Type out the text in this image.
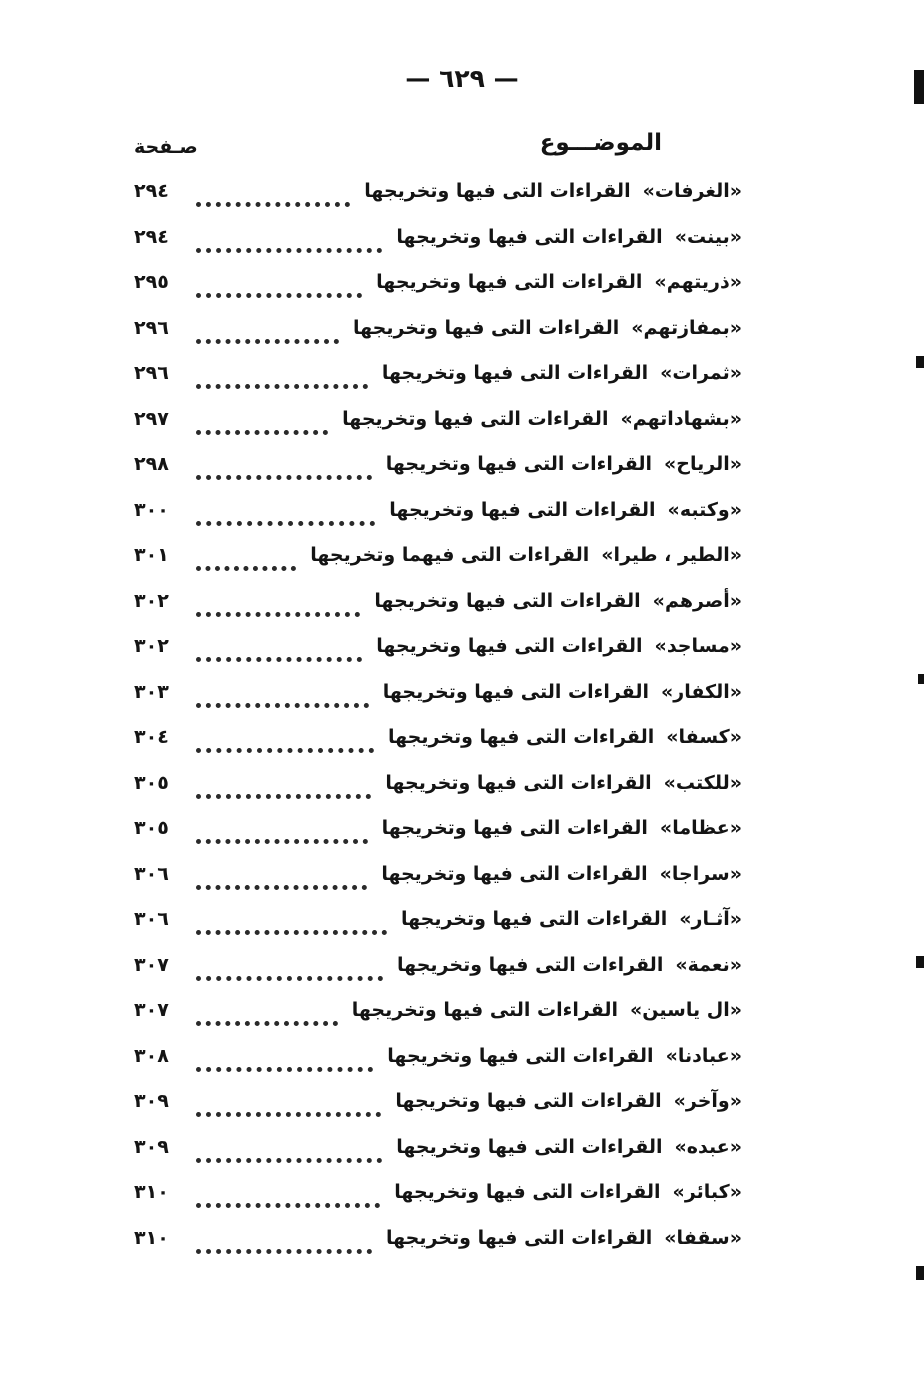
— ٦٢٩ —
الموضـــوع
صـفحة
«الغرفات»القراءات التى فيها وتخريجها
٢٩٤
«بينت»القراءات التى فيها وتخريجها
٢٩٤
«ذريتهم»القراءات التى فيها وتخريجها
٢٩٥
«بمفازتهم»القراءات التى فيها وتخريجها
٢٩٦
«ثمرات»القراءات التى فيها وتخريجها
٢٩٦
«بشهاداتهم»القراءات التى فيها وتخريجها
٢٩٧
«الرياح»القراءات التى فيها وتخريجها
٢٩٨
«وكتبه»القراءات التى فيها وتخريجها
٣٠٠
«الطير ، طيرا»القراءات التى فيهما وتخريجها
٣٠١
«أصرهم»القراءات التى فيها وتخريجها
٣٠٢
«مساجد»القراءات التى فيها وتخريجها
٣٠٢
«الكفار»القراءات التى فيها وتخريجها
٣٠٣
«كسفا»القراءات التى فيها وتخريجها
٣٠٤
«للكتب»القراءات التى فيها وتخريجها
٣٠٥
«عظاما»القراءات التى فيها وتخريجها
٣٠٥
«سراجا»القراءات التى فيها وتخريجها
٣٠٦
«آثـار»القراءات التى فيها وتخريجها
٣٠٦
«نعمة»القراءات التى فيها وتخريجها
٣٠٧
«ال ياسين»القراءات التى فيها وتخريجها
٣٠٧
«عبادنا»القراءات التى فيها وتخريجها
٣٠٨
«وآخر»القراءات التى فيها وتخريجها
٣٠٩
«عبده»القراءات التى فيها وتخريجها
٣٠٩
«كبائر»القراءات التى فيها وتخريجها
٣١٠
«سقفا»القراءات التى فيها وتخريجها
٣١٠
